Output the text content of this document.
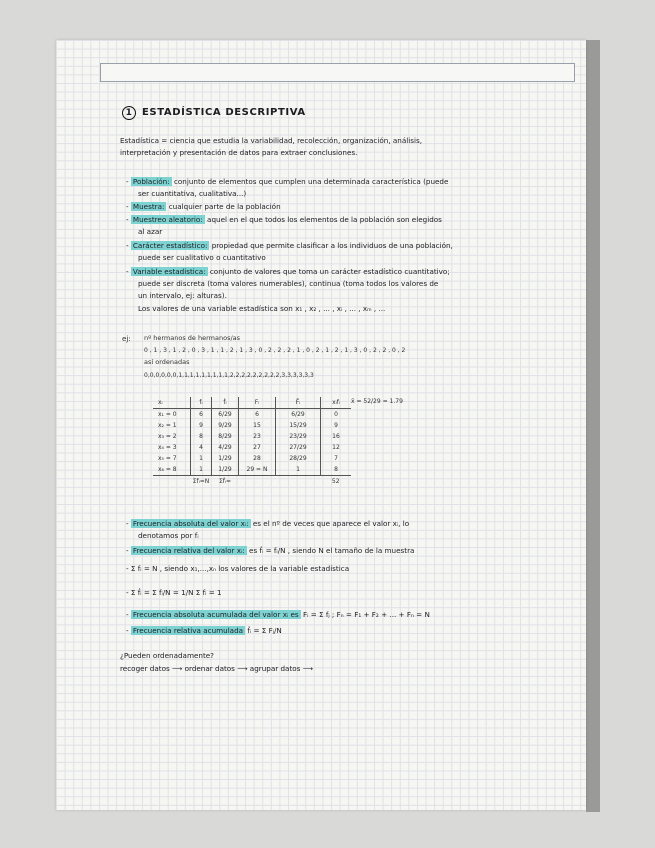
1 ESTADÍSTICA DESCRIPTIVA
Estadística = ciencia que estudia la variabilidad, recolección, organización, análisis,
interpretación y presentación de datos para extraer conclusiones.
- Población: conjunto de elementos que cumplen una determinada característica (puede
ser cuantitativa, cualitativa...)
- Muestra: cualquier parte de la población
- Muestreo aleatorio: aquel en el que todos los elementos de la población son elegidos
al azar
- Carácter estadístico: propiedad que permite clasificar a los individuos de una población,
puede ser cualitativo o cuantitativo
- Variable estadística: conjunto de valores que toma un carácter estadístico cuantitativo;
puede ser discreta (toma valores numerables), continua (toma todos los valores de
un intervalo, ej: alturas).
Los valores de una variable estadística son x₁ , x₂ , ... , xᵢ , ... , xₘ , ...
ej: nº hermanos de hermanos/as
0 , 1 , 3 , 1 , 2 , 0 , 3 , 1 , 1 , 2 , 1 , 3 , 0 , 2 , 2 , 2 , 1 , 0 , 2 , 1 , 2 , 1 , 3 , 0 , 2 , 2 , 0 , 2
así ordenadas
0,0,0,0,0,0,1,1,1,1,1,1,1,1,1,2,2,2,2,2,2,2,2,2,3,3,3,3,3,3
x̄ = 52/29 = 1.79
xᵢ	fᵢ	ḟᵢ	Fᵢ	F̄ᵢ	xᵢfᵢ
x₁ = 0	6	6/29	6	6/29	0
x₂ = 1	9	9/29	15	15/29	9
x₃ = 2	8	8/29	23	23/29	16
x₄ = 3	4	4/29	27	27/29	12
x₅ = 7	1	1/29	28	28/29	7
x₆ = 8	1	1/29	29 = N	1	8
	Σfᵢ=N	Σḟᵢ=			52
- Frecuencia absoluta del valor xᵢ: es el nº de veces que aparece el valor xᵢ, lo
denotamos por fᵢ
- Frecuencia relativa del valor xᵢ: es ḟᵢ = fᵢ/N , siendo N el tamaño de la muestra
- Σ fᵢ = N , siendo x₁,...,xₙ los valores de la variable estadística
- Σ ḟᵢ = Σ fᵢ/N = 1/N Σ fᵢ = 1
- Frecuencia absoluta acumulada del valor xᵢ es Fᵢ = Σ fⱼ ; Fₙ = F₁ + F₂ + ... + Fₙ = N
- Frecuencia relativa acumulada ḟᵢ = Σ Fⱼ/N
¿Pueden ordenadamente?
recoger datos ⟶ ordenar datos ⟶ agrupar datos ⟶
